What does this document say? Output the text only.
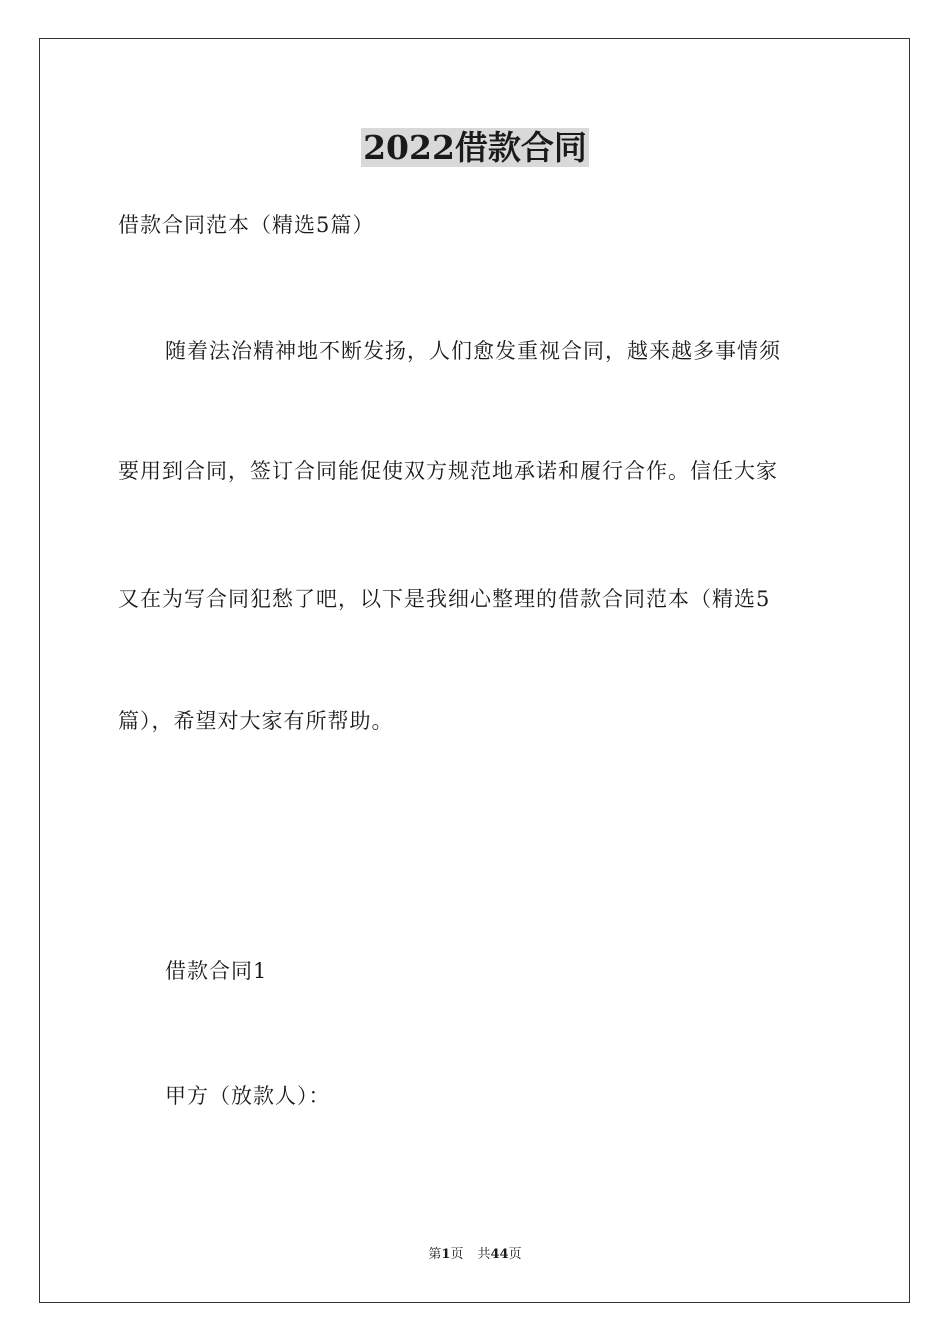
2022借款合同
借款合同范本（精选5篇）
随着法治精神地不断发扬，人们愈发重视合同，越来越多事情须
要用到合同，签订合同能促使双方规范地承诺和履行合作。信任大家
又在为写合同犯愁了吧，以下是我细心整理的借款合同范本（精选5
篇），希望对大家有所帮助。
借款合同1
甲方（放款人）：
第1页 共44页
